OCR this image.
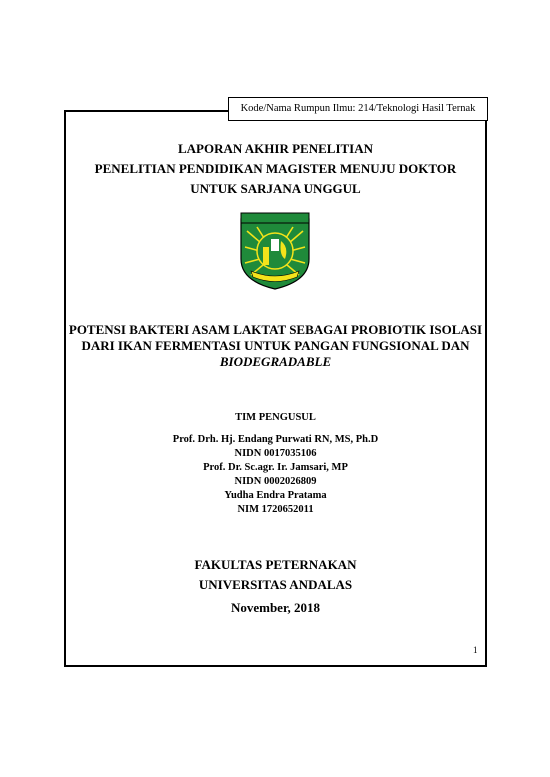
Kode/Nama Rumpun Ilmu: 214/Teknologi Hasil Ternak
LAPORAN AKHIR PENELITIAN
PENELITIAN PENDIDIKAN MAGISTER MENUJU DOKTOR
UNTUK SARJANA UNGGUL
POTENSI BAKTERI ASAM LAKTAT SEBAGAI PROBIOTIK ISOLASI
DARI IKAN FERMENTASI UNTUK PANGAN FUNGSIONAL DAN
BIODEGRADABLE
TIM PENGUSUL
Prof. Drh. Hj. Endang Purwati RN, MS, Ph.D
NIDN 0017035106
Prof. Dr. Sc.agr. Ir. Jamsari, MP
NIDN 0002026809
Yudha Endra Pratama
NIM 1720652011
FAKULTAS PETERNAKAN
UNIVERSITAS ANDALAS
November, 2018
1
